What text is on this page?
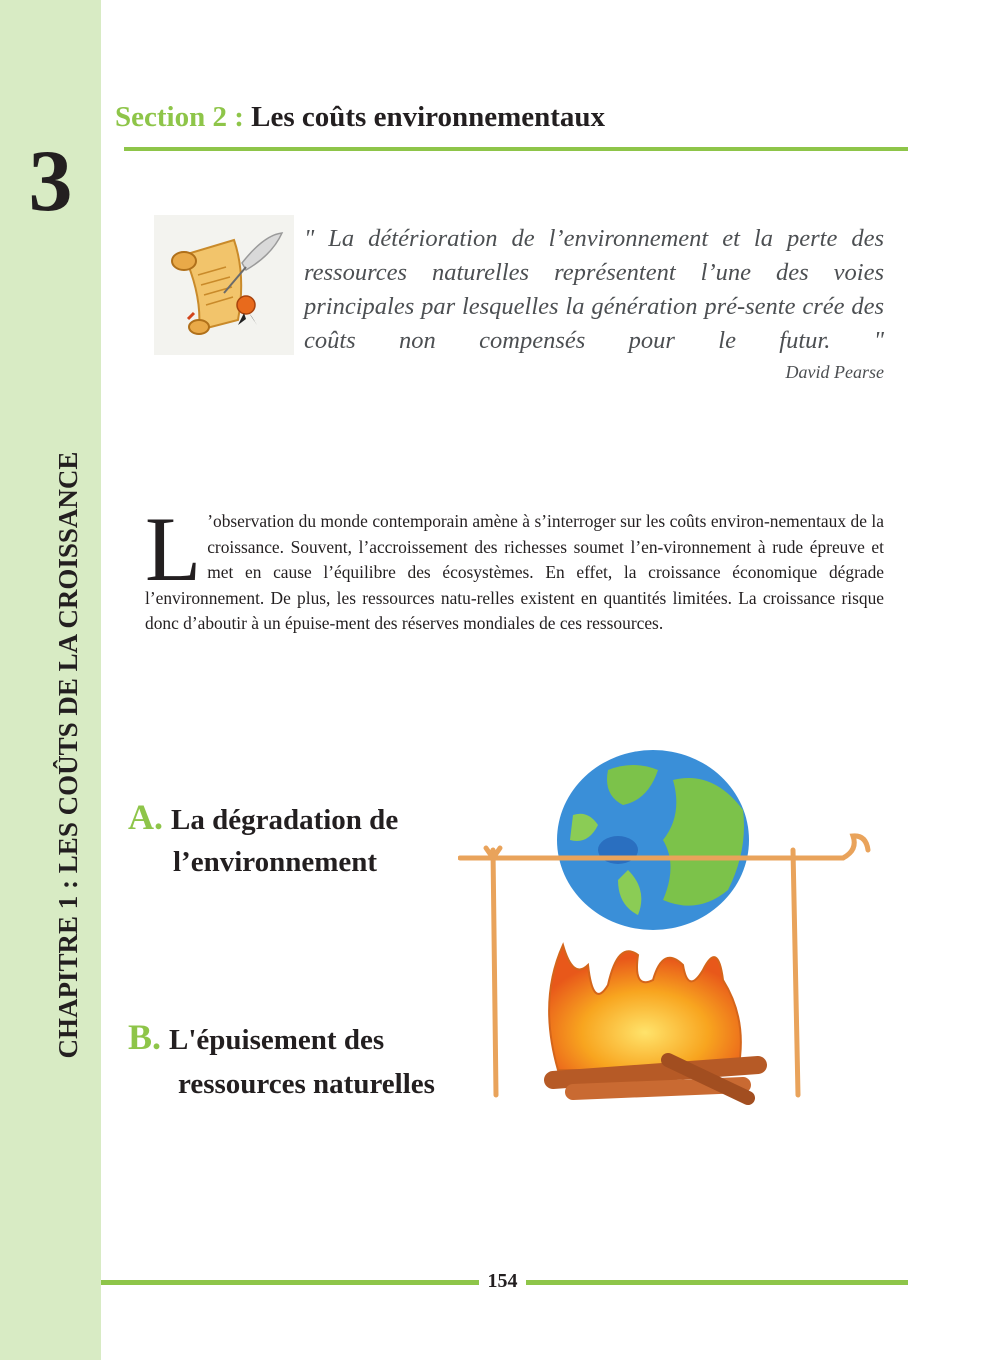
3
CHAPITRE 1 : LES COÛTS DE LA CROISSANCE
Section 2 : Les coûts environnementaux
" La détérioration de l’environnement et la perte des ressources naturelles représentent l’une des voies principales par lesquelles la génération pré-sente crée des coûts non compensés pour le futur. "
David Pearse
L ’observation du monde contemporain amène à s’interroger sur les coûts environ-nementaux de la croissance. Souvent, l’accroissement des richesses soumet l’en-vironnement à rude épreuve et met en cause l’équilibre des écosystèmes. En effet, la croissance économique dégrade l’environnement. De plus, les ressources natu-relles existent en quantités limitées. La croissance risque donc d’aboutir à un épuise-ment des réserves mondiales de ces ressources.
A. La dégradation de
l’environnement
B. L'épuisement des
ressources naturelles
154
